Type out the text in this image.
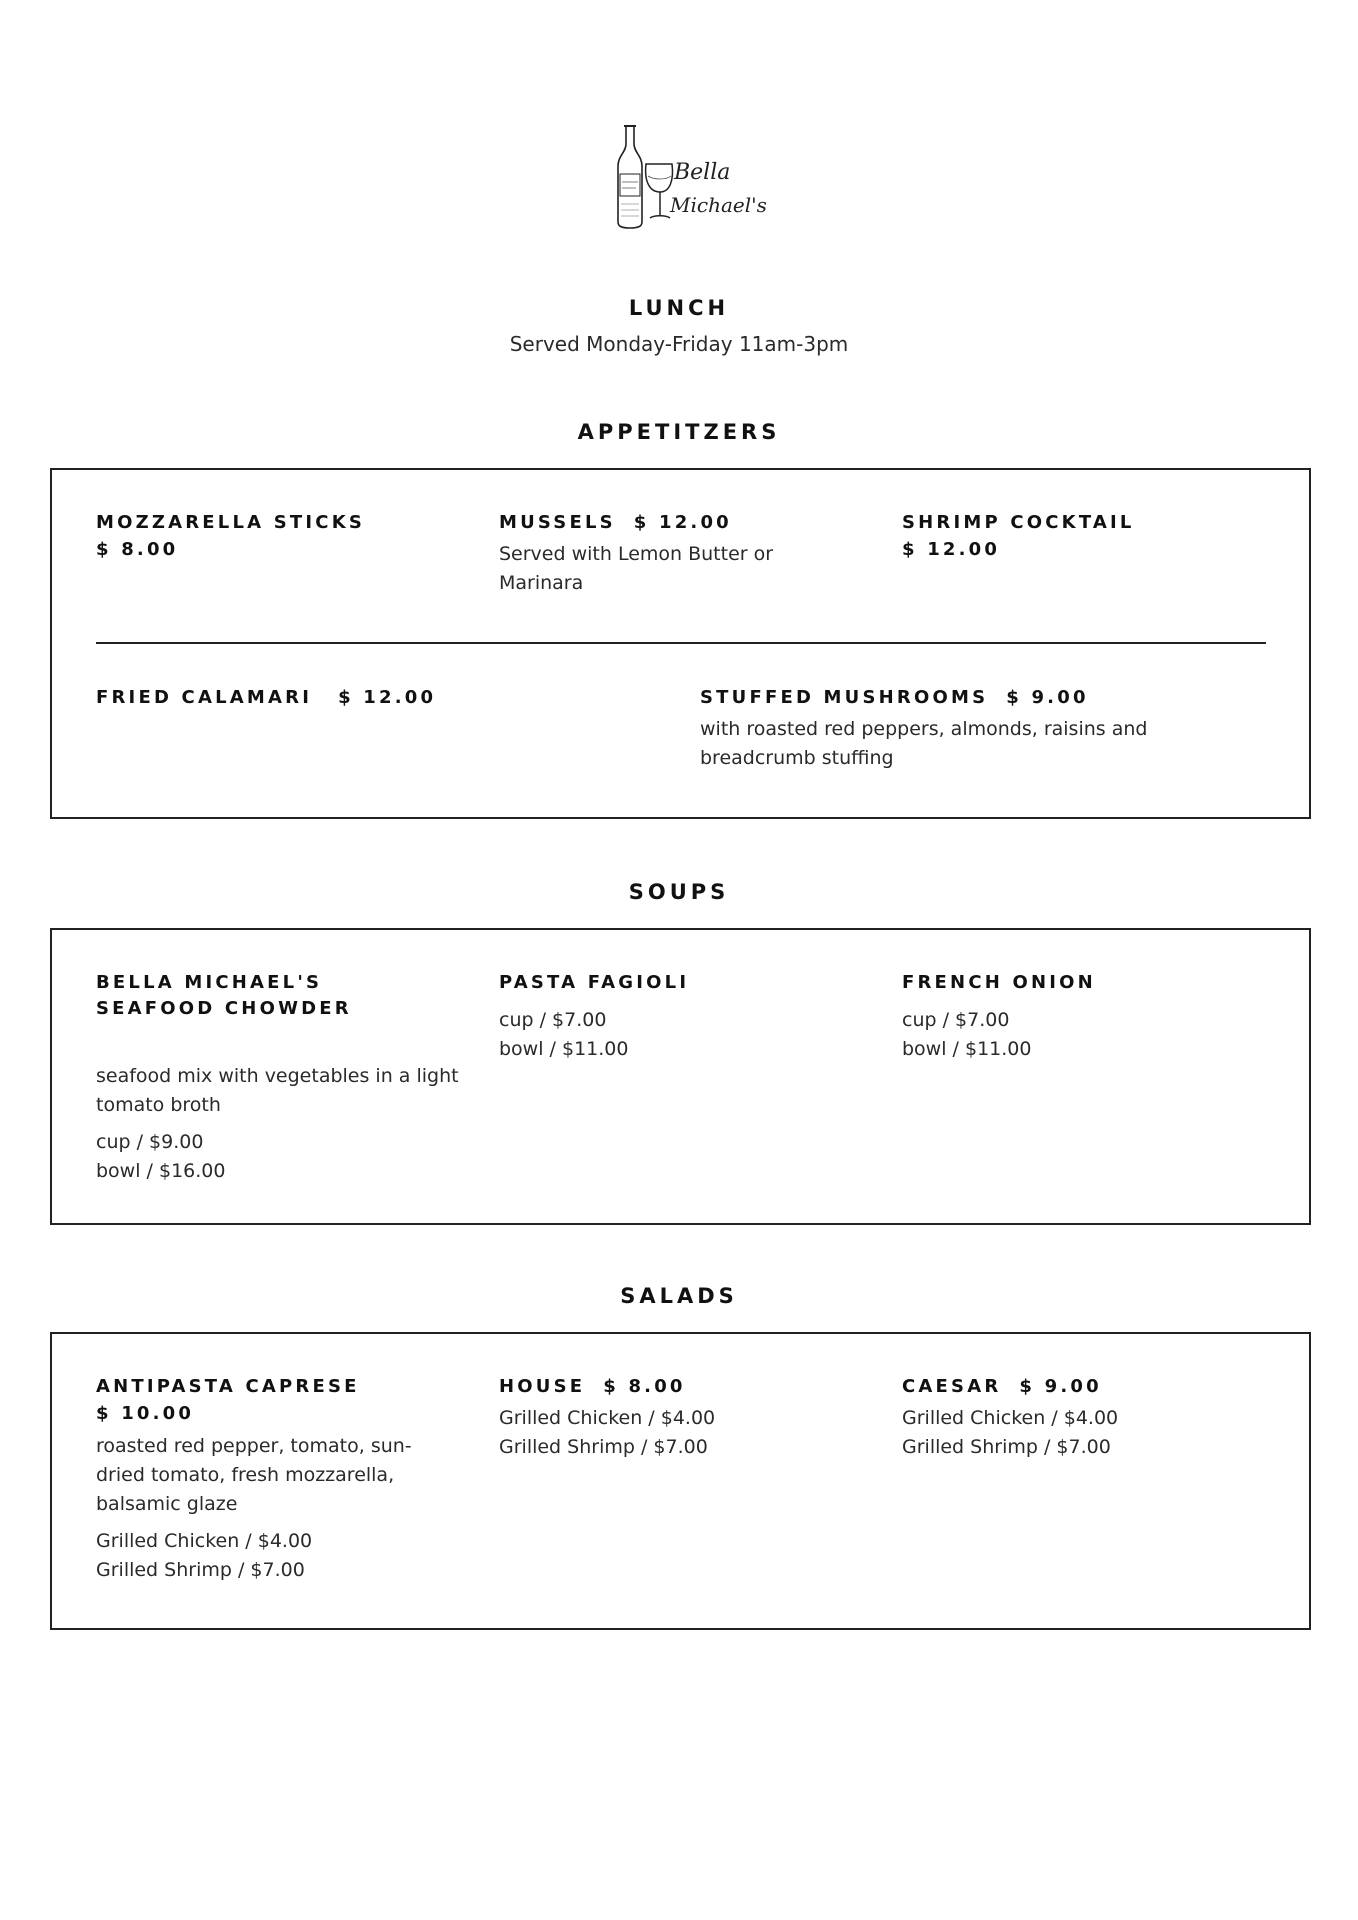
Bella
Michael's
LUNCH
Served Monday-Friday 11am-3pm
APPETITZERS
MOZZARELLA STICKS
$ 8.00
MUSSELS $ 12.00
Served with Lemon Butter or Marinara
SHRIMP COCKTAIL
$ 12.00
FRIED CALAMARI $ 12.00	STUFFED MUSHROOMS $ 9.00
with roasted red peppers, almonds, raisins and breadcrumb stuffing
SOUPS
BELLA MICHAEL'S
SEAFOOD CHOWDER
seafood mix with vegetables in a light tomato broth
cup / $9.00
bowl / $16.00
PASTA FAGIOLI
cup / $7.00
bowl / $11.00
FRENCH ONION
cup / $7.00
bowl / $11.00
SALADS
ANTIPASTA CAPRESE
$ 10.00
roasted red pepper, tomato, sun-dried tomato, fresh mozzarella, balsamic glaze
Grilled Chicken / $4.00
Grilled Shrimp / $7.00
HOUSE $ 8.00
Grilled Chicken / $4.00
Grilled Shrimp / $7.00
CAESAR $ 9.00
Grilled Chicken / $4.00
Grilled Shrimp / $7.00
